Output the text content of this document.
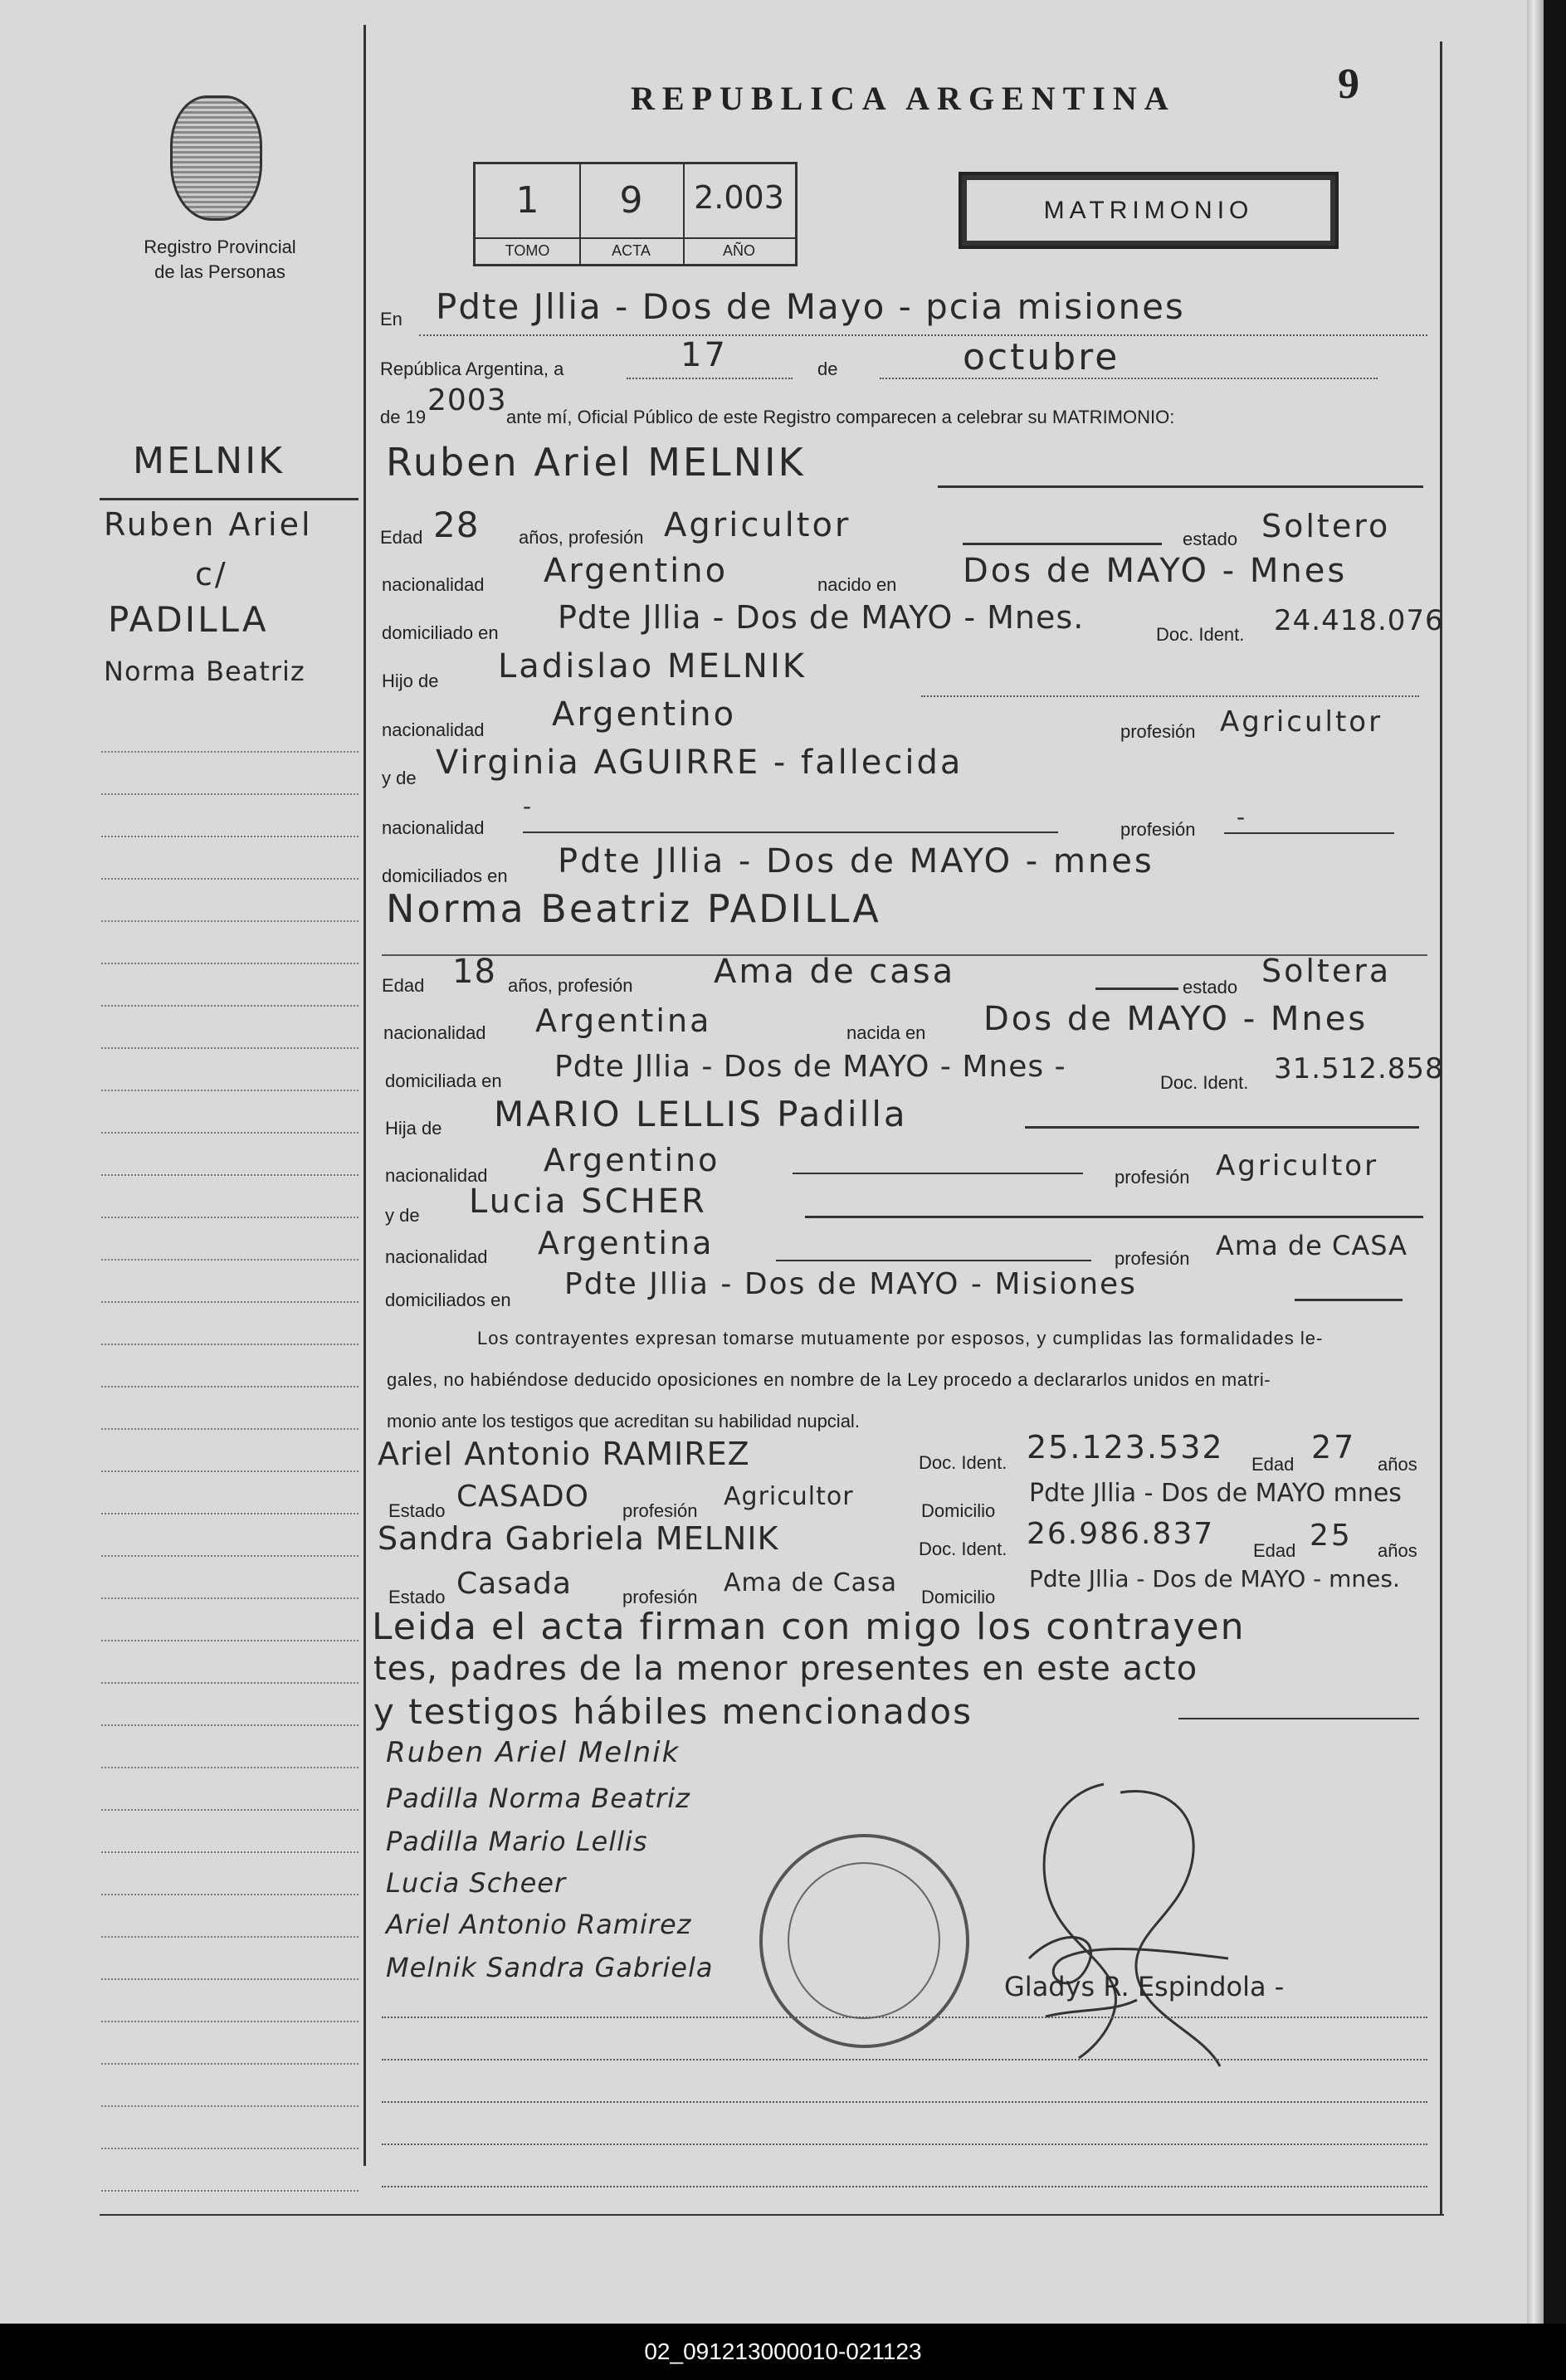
Registro Provincial
de las Personas
REPUBLICA ARGENTINA	9
1
TOMO
9
ACTA
2.003
AÑO
MATRIMONIO
MELNIK
Ruben Ariel
c/
PADILLA
Norma Beatriz
En Pdte Jllia - Dos de Mayo - pcia misiones
República Argentina, a	17	de	octubre
de 19 2003 ante mí, Oficial Público de este Registro comparecen a celebrar su MATRIMONIO:
Ruben Ariel MELNIK
Edad 28 años, profesión Agricultor	estado Soltero
nacionalidad Argentino	nacido en Dos de MAYO - Mnes
domiciliado en Pdte Jllia - Dos de MAYO - Mnes.	Doc. Ident. 24.418.076
Hijo de Ladislao MELNIK
nacionalidad Argentino	profesión Agricultor
y de Virginia AGUIRRE - fallecida
nacionalidad
-
profesión -
domiciliados en Pdte Jllia - Dos de MAYO - mnes
Norma Beatriz PADILLA
Edad 18 años, profesión Ama de casa	estado Soltera
nacionalidad Argentina	nacida en Dos de MAYO - Mnes
domiciliada en Pdte Jllia - Dos de MAYO - Mnes -	Doc. Ident. 31.512.858
Hija de MARIO LELLIS Padilla
nacionalidad Argentino	profesión Agricultor
y de Lucia SCHER
nacionalidad Argentina	profesión Ama de CASA
domiciliados en Pdte Jllia - Dos de MAYO - Misiones
Los contrayentes expresan tomarse mutuamente por esposos, y cumplidas las formalidades le-
gales, no habiéndose deducido oposiciones en nombre de la Ley procedo a declararlos unidos en matri-
monio ante los testigos que acreditan su habilidad nupcial.
Ariel Antonio RAMIREZ	Doc. Ident. 25.123.532 Edad 27 años
Estado CASADO profesión Agricultor	Domicilio
Pdte Jllia - Dos de MAYO mnes
Sandra Gabriela MELNIK	Doc. Ident. 26.986.837 Edad 25 años
Estado Casada	profesión Ama de Casa Domicilio
Pdte Jllia - Dos de MAYO - mnes.
Leida el acta firman con migo los contrayen
tes, padres de la menor presentes en este acto
y testigos hábiles mencionados
Ruben Ariel Melnik
Padilla Norma Beatriz
Padilla Mario Lellis
Lucia Scheer
Ariel Antonio Ramirez
Melnik Sandra Gabriela
Gladys R. Espindola -
02_091213000010-021123
